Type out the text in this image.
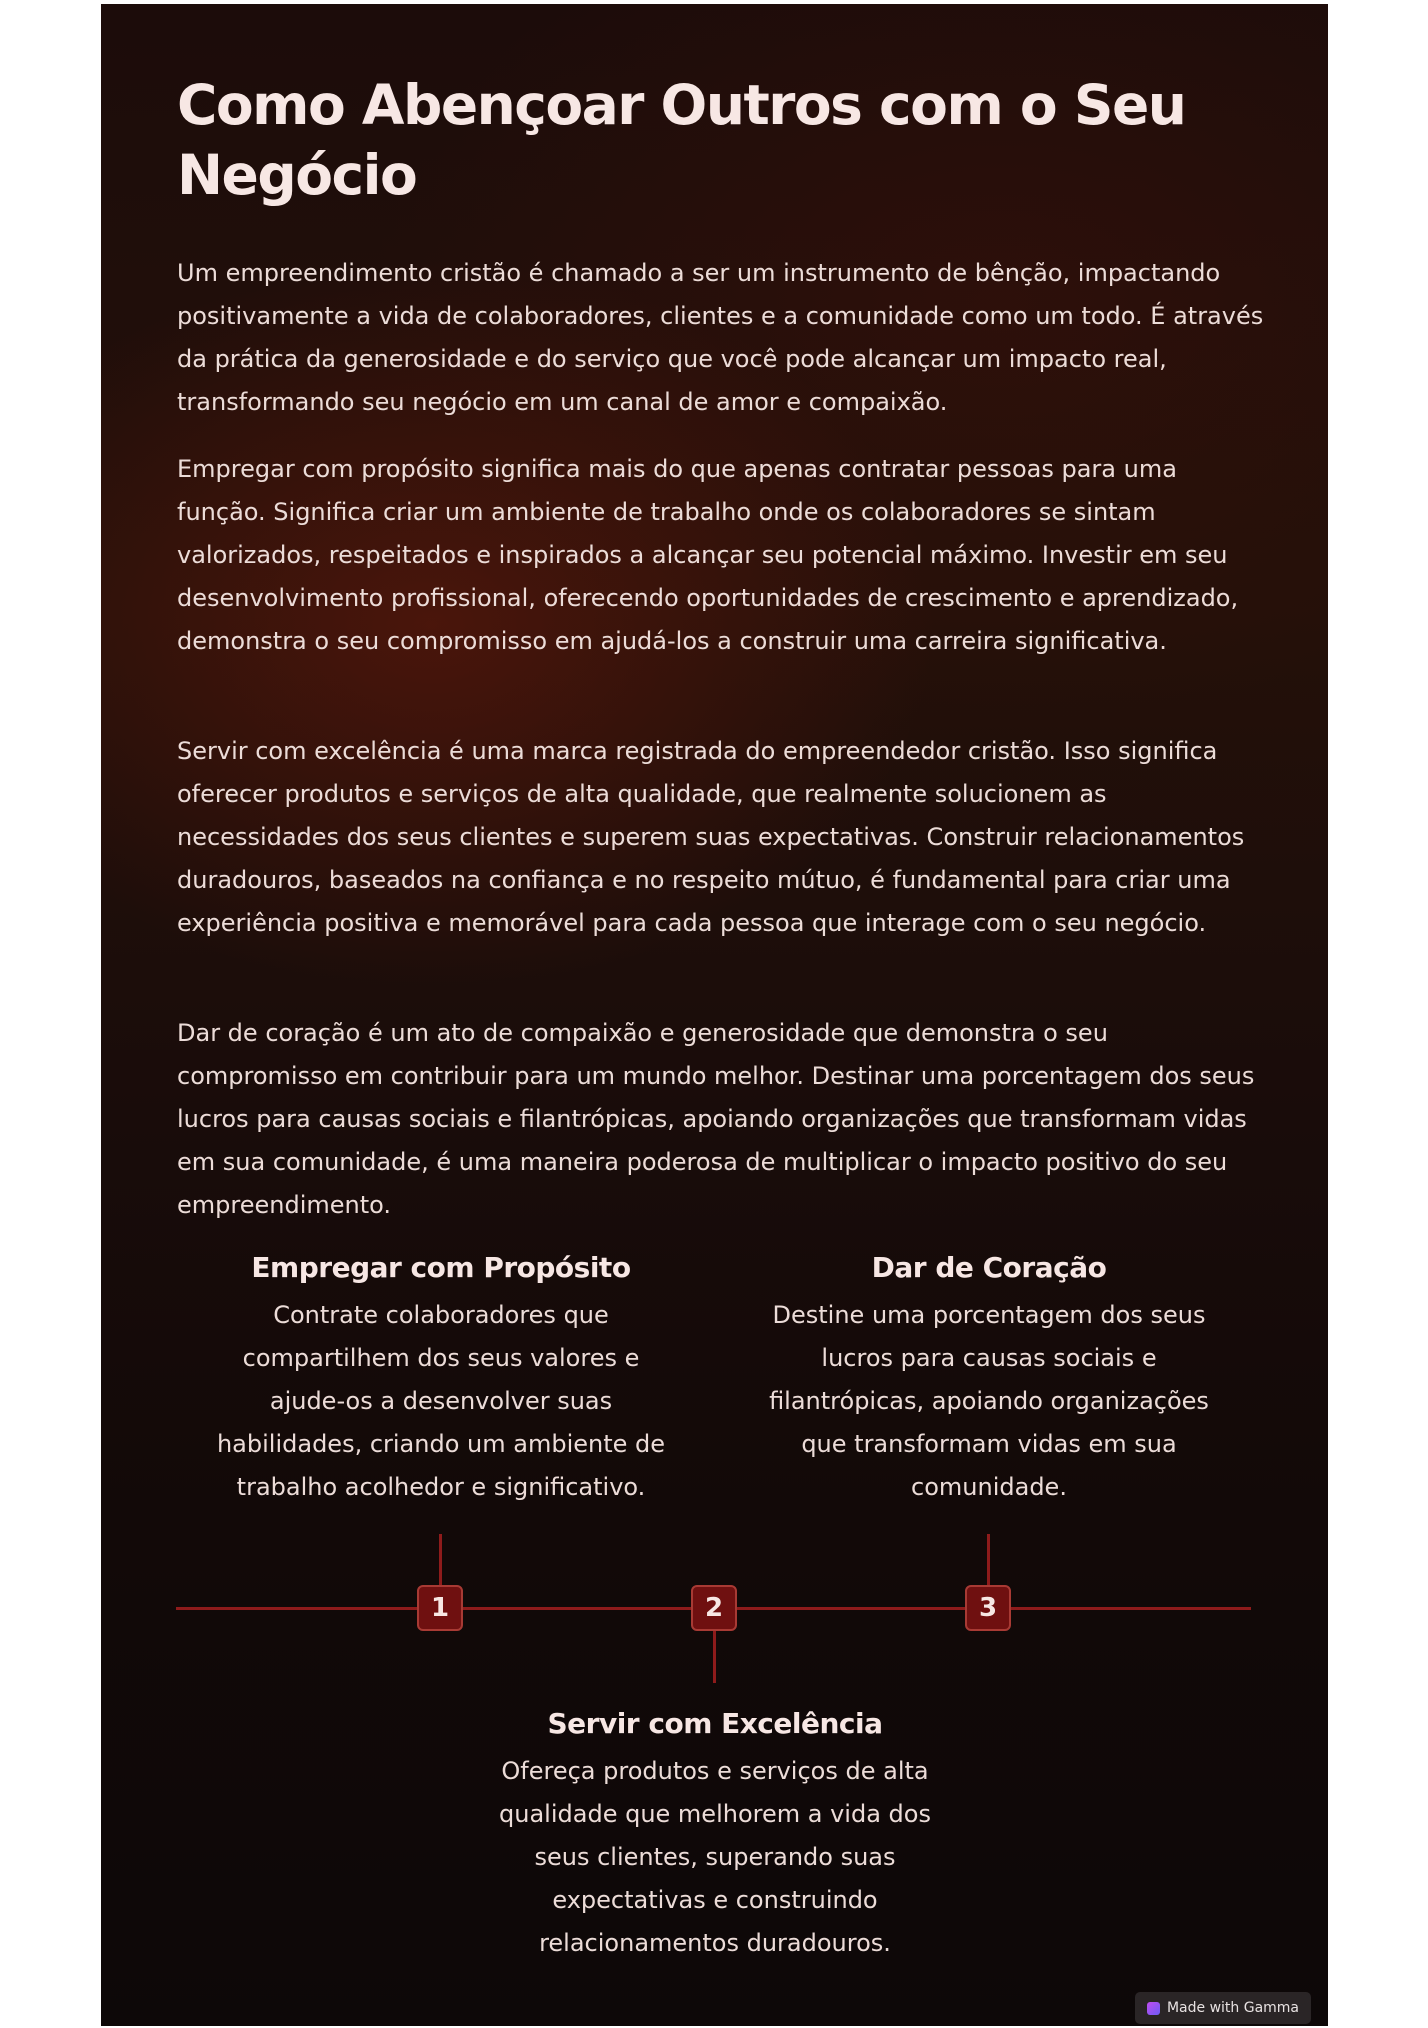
Como Abençoar Outros com o Seu Negócio

Um empreendimento cristão é chamado a ser um instrumento de bênção, impactando positivamente a vida de colaboradores, clientes e a comunidade como um todo. É através da prática da generosidade e do serviço que você pode alcançar um impacto real, transformando seu negócio em um canal de amor e compaixão.

Empregar com propósito significa mais do que apenas contratar pessoas para uma função. Significa criar um ambiente de trabalho onde os colaboradores se sintam valorizados, respeitados e inspirados a alcançar seu potencial máximo. Investir em seu desenvolvimento profissional, oferecendo oportunidades de crescimento e aprendizado, demonstra o seu compromisso em ajudá-los a construir uma carreira significativa.

Servir com excelência é uma marca registrada do empreendedor cristão. Isso significa oferecer produtos e serviços de alta qualidade, que realmente solucionem as necessidades dos seus clientes e superem suas expectativas. Construir relacionamentos duradouros, baseados na confiança e no respeito mútuo, é fundamental para criar uma experiência positiva e memorável para cada pessoa que interage com o seu negócio.

Dar de coração é um ato de compaixão e generosidade que demonstra o seu compromisso em contribuir para um mundo melhor. Destinar uma porcentagem dos seus lucros para causas sociais e filantrópicas, apoiando organizações que transformam vidas em sua comunidade, é uma maneira poderosa de multiplicar o impacto positivo do seu empreendimento.

Empregar com Propósito

Contrate colaboradores que compartilhem dos seus valores e ajude-os a desenvolver suas habilidades, criando um ambiente de trabalho acolhedor e significativo.

Dar de Coração

Destine uma porcentagem dos seus lucros para causas sociais e filantrópicas, apoiando organizações que transformam vidas em sua comunidade.

1	2	3
Servir com Excelência

Ofereça produtos e serviços de alta qualidade que melhorem a vida dos seus clientes, superando suas expectativas e construindo relacionamentos duradouros.

Made with Gamma
